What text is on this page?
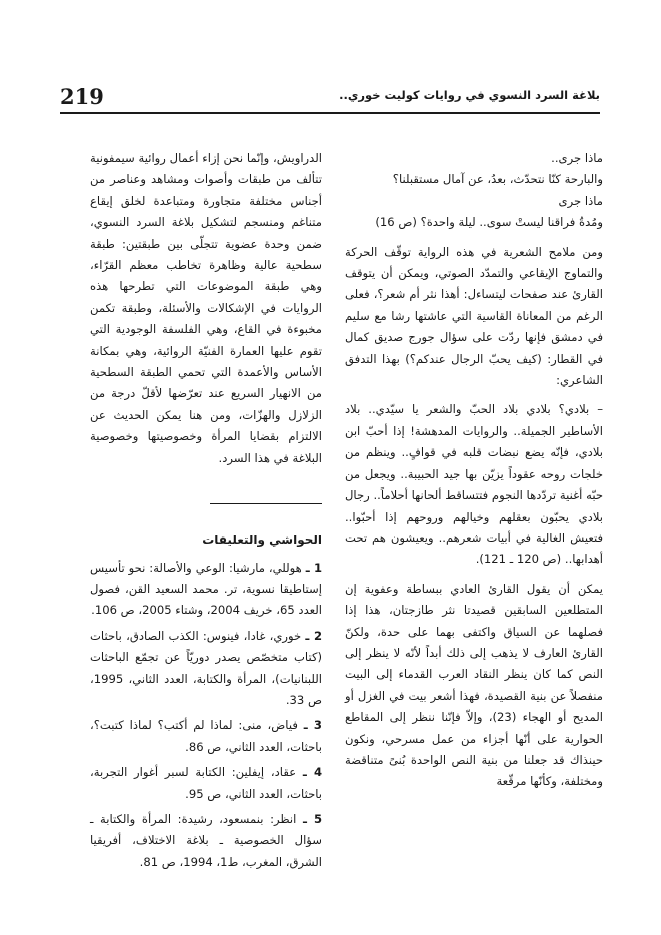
219	بلاغة السرد النسوي في روايات كوليت خوري..
ماذا جرى..
والبارحة كنّا نتحدّث، بعدُ، عن آمال مستقبلنا؟
ماذا جرى
ومُدةُ فراقنا ليستْ سوى.. ليلة واحدة؟ (ص 16)

ومن ملامح الشعرية في هذه الرواية توقّف الحركة والتماوج الإيقاعي والتمدّد الصوتي، ويمكن أن يتوقف القارئ عند صفحات ليتساءل: أهذا نثر أم شعر؟، فعلى الرغم من المعاناة القاسية التي عاشتها رشا مع سليم في دمشق فإنها ردّت على سؤال جورج صديق كمال في القطار: (كيف يحبّ الرجال عندكم؟) بهذا التدفق الشاعري:

– بلادي؟ بلادي بلاد الحبّ والشعر يا سيّدي.. بلاد الأساطير الجميلة.. والروايات المدهشة! إذا أحبّ ابن بلادي، فإنّه يضع نبضات قلبه في قوافٍ.. وينظم من خلجات روحه عقوداً يزيّن بها جيد الحبيبة.. ويجعل من حبّه أغنية تردّدها النجوم فتتساقط ألحانها أحلاماً.. رجال بلادي يحبّون بعقلهم وخيالهم وروحهم إذا أحبّوا.. فتعيش الغالية في أبيات شعرهم.. ويعيشون هم تحت أهدابها.. (ص 120 ـ 121).

يمكن أن يقول القارئ العادي ببساطة وعفوية إن المتطلعين السابقين قصيدتا نثر طازجتان، هذا إذا فصلهما عن السياق واكتفى بهما على حدة، ولكنّ القارئ العارف لا يذهب إلى ذلك أبداً لأنّه لا ينظر إلى النص كما كان ينظر النقاد العرب القدماء إلى البيت منفصلاً عن بنية القصيدة، فهذا أشعر بيت في الغزل أو المديح أو الهجاء (23)، وإلاّ فإنّنا ننظر إلى المقاطع الحوارية على أنّها أجزاء من عمل مسرحي، ونكون حينذاك قد جعلنا من بنية النص الواحدة بُنىً متناقضة ومختلفة، وكأنّها مرقّعة

الدراويش، وإنّما نحن إزاء أعمال روائية سيمفونية تتألف من طبقات وأصوات ومشاهد وعناصر من أجناس مختلفة متجاورة ومتباعدة لخلق إيقاع متناغم ومنسجم لتشكيل بلاغة السرد النسوي، ضمن وحدة عضوية تتجلّى بين طبقتين: طبقة سطحية عالية وظاهرة تخاطب معظم القرّاء، وهي طبقة الموضوعات التي تطرحها هذه الروايات في الإشكالات والأسئلة، وطبقة تكمن مخبوءة في القاع، وهي الفلسفة الوجودية التي تقوم عليها العمارة الفنيّة الروائية، وهي بمكانة الأساس والأعمدة التي تحمي الطبقة السطحية من الانهيار السريع عند تعرّضها لأقلّ درجة من الزلازل والهزّات، ومن هنا يمكن الحديث عن الالتزام بقضايا المرأة وخصوصيتها وخصوصية البلاغة في هذا السرد.

الحواشي والتعليقات
1 ـ هوللي، مارشيا: الوعي والأصالة: نحو تأسيس إستاطيقا نسوية، تر. محمد السعيد القن، فصول العدد 65، خريف 2004، وشتاء 2005، ص 106.
2 ـ خوري، غادا، فينوس: الكذب الصادق، باحثات (كتاب متخصّص يصدر دوريّاً عن تجمّع الباحثات اللبنانيات)، المرأة والكتابة، العدد الثاني، 1995، ص 33.
3 ـ فياض، منى: لماذا لم أكتب؟ لماذا كتبت؟، باحثات، العدد الثاني، ص 86.
4 ـ عقاد، إيفلين: الكتابة لسبر أغوار التجربة، باحثات، العدد الثاني، ص 95.
5 ـ انظر: بنمسعود، رشيدة: المرأة والكتابة ـ سؤال الخصوصية ـ بلاغة الاختلاف، أفريقيا الشرق، المغرب، ط1، 1994، ص 81.
